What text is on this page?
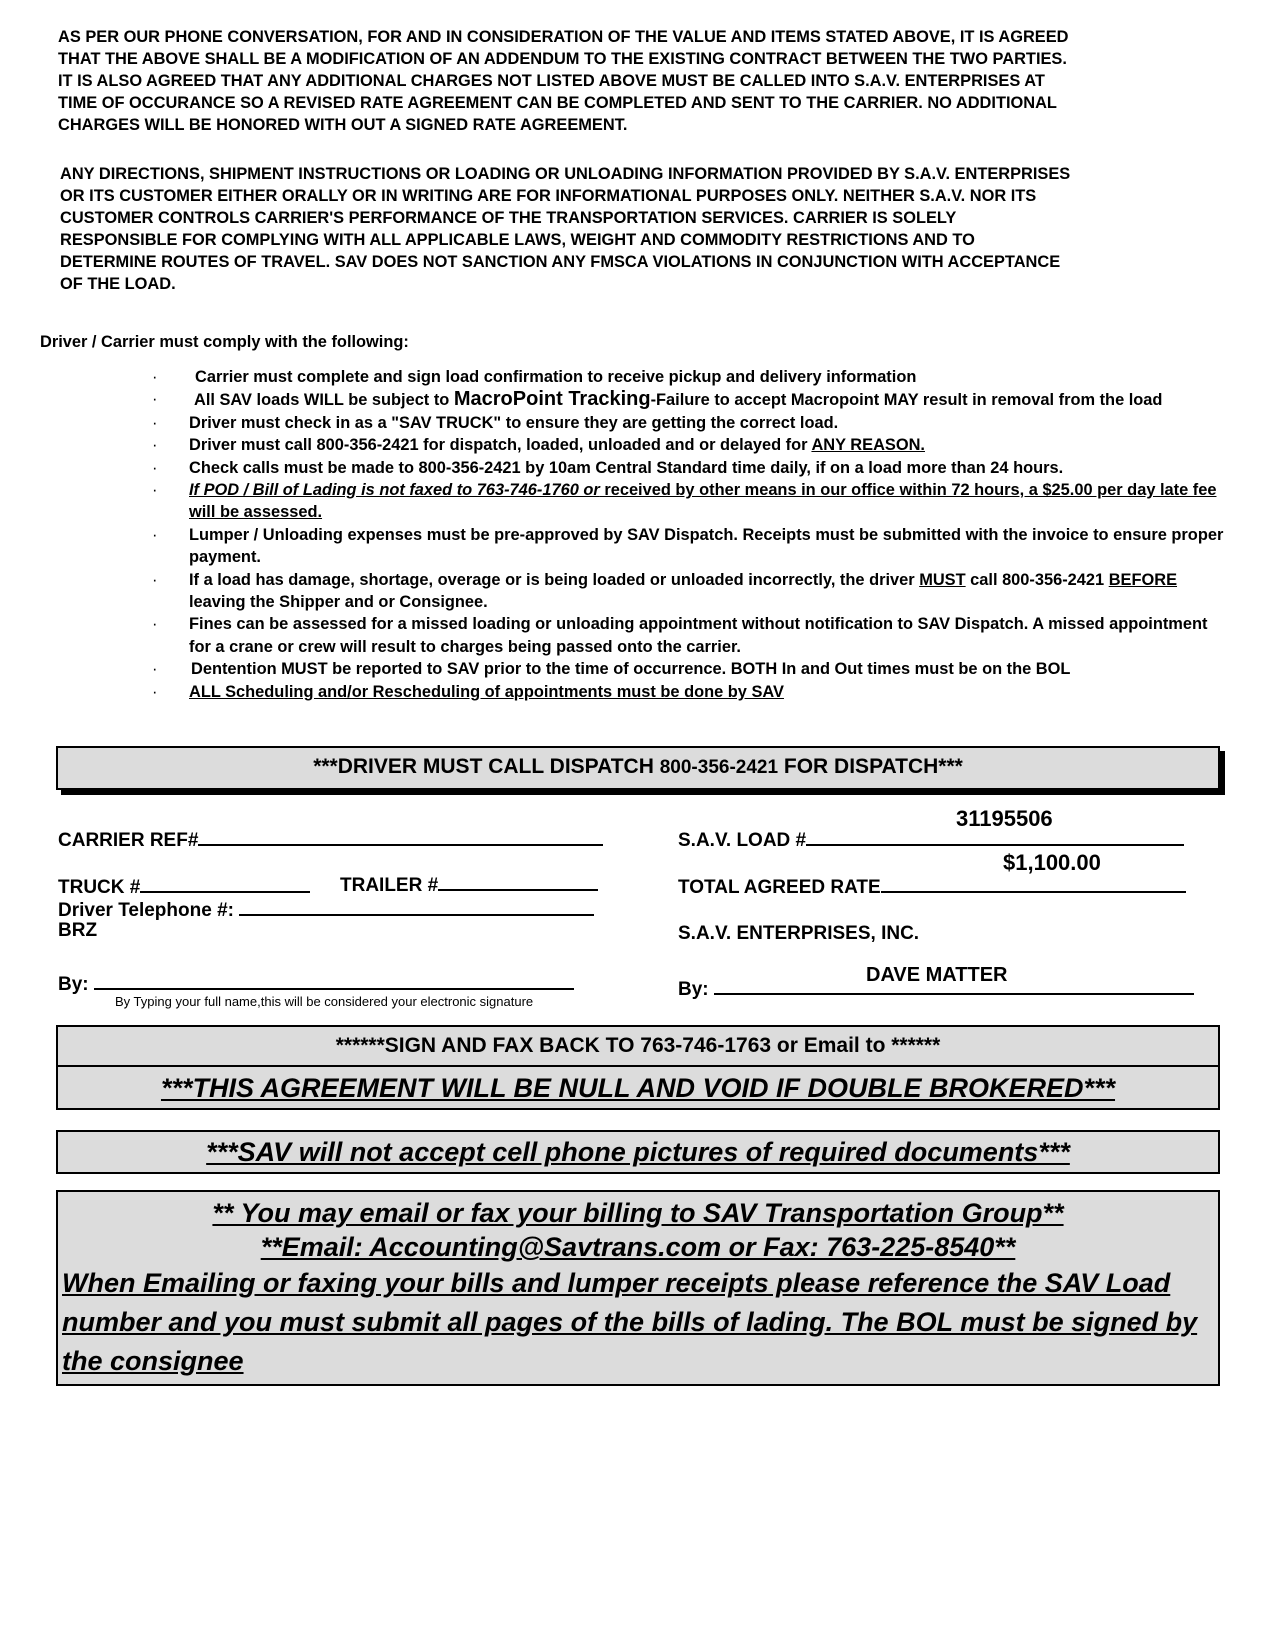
AS PER OUR PHONE CONVERSATION, FOR AND IN CONSIDERATION OF THE VALUE AND ITEMS STATED ABOVE, IT IS AGREED
THAT THE ABOVE SHALL BE A MODIFICATION OF AN ADDENDUM TO THE EXISTING CONTRACT BETWEEN THE TWO PARTIES.
IT IS ALSO AGREED THAT ANY ADDITIONAL CHARGES NOT LISTED ABOVE MUST BE CALLED INTO S.A.V. ENTERPRISES AT
TIME OF OCCURANCE SO A REVISED RATE AGREEMENT CAN BE COMPLETED AND SENT TO THE CARRIER. NO ADDITIONAL
CHARGES WILL BE HONORED WITH OUT A SIGNED RATE AGREEMENT.

ANY DIRECTIONS, SHIPMENT INSTRUCTIONS OR LOADING OR UNLOADING INFORMATION PROVIDED BY S.A.V. ENTERPRISES
OR ITS CUSTOMER EITHER ORALLY OR IN WRITING ARE FOR INFORMATIONAL PURPOSES ONLY. NEITHER S.A.V. NOR ITS
CUSTOMER CONTROLS CARRIER'S PERFORMANCE OF THE TRANSPORTATION SERVICES. CARRIER IS SOLELY
RESPONSIBLE FOR COMPLYING WITH ALL APPLICABLE LAWS, WEIGHT AND COMMODITY RESTRICTIONS AND TO
DETERMINE ROUTES OF TRAVEL. SAV DOES NOT SANCTION ANY FMSCA VIOLATIONS IN CONJUNCTION WITH ACCEPTANCE
OF THE LOAD.

Driver / Carrier must comply with the following:
· Carrier must complete and sign load confirmation to receive pickup and delivery information
· All SAV loads WILL be subject to MacroPoint Tracking-Failure to accept Macropoint MAY result in removal from the load
· Driver must check in as a "SAV TRUCK" to ensure they are getting the correct load.
· Driver must call 800-356-2421 for dispatch, loaded, unloaded and or delayed for ANY REASON.
· Check calls must be made to 800-356-2421 by 10am Central Standard time daily, if on a load more than 24 hours.
· If POD / Bill of Lading is not faxed to 763-746-1760 or received by other means in our office within 72 hours, a $25.00 per day late fee will be assessed.
· Lumper / Unloading expenses must be pre-approved by SAV Dispatch. Receipts must be submitted with the invoice to ensure proper payment.
· If a load has damage, shortage, overage or is being loaded or unloaded incorrectly, the driver MUST call 800-356-2421 BEFORE leaving the Shipper and or Consignee.
· Fines can be assessed for a missed loading or unloading appointment without notification to SAV Dispatch. A missed appointment for a crane or crew will result to charges being passed onto the carrier.
· Dentention MUST be reported to SAV prior to the time of occurrence. BOTH In and Out times must be on the BOL
· ALL Scheduling and/or Rescheduling of appointments must be done by SAV
***DRIVER MUST CALL DISPATCH 800-356-2421 FOR DISPATCH***
CARRIER REF#
TRUCK #	TRAILER #
Driver Telephone #:
BRZ
By:
By Typing your full name,this will be considered your electronic signature
S.A.V. LOAD #
31195506
TOTAL AGREED RATE
$1,100.00
S.A.V. ENTERPRISES, INC.
By:
DAVE MATTER
******SIGN AND FAX BACK TO 763-746-1763 or Email to ******
***THIS AGREEMENT WILL BE NULL AND VOID IF DOUBLE BROKERED***
***SAV will not accept cell phone pictures of required documents***
** You may email or fax your billing to SAV Transportation Group**
**Email: Accounting@Savtrans.com or Fax: 763-225-8540**
When Emailing or faxing your bills and lumper receipts please reference the SAV Load number and you must submit all pages of the bills of lading. The BOL must be signed by the consignee
